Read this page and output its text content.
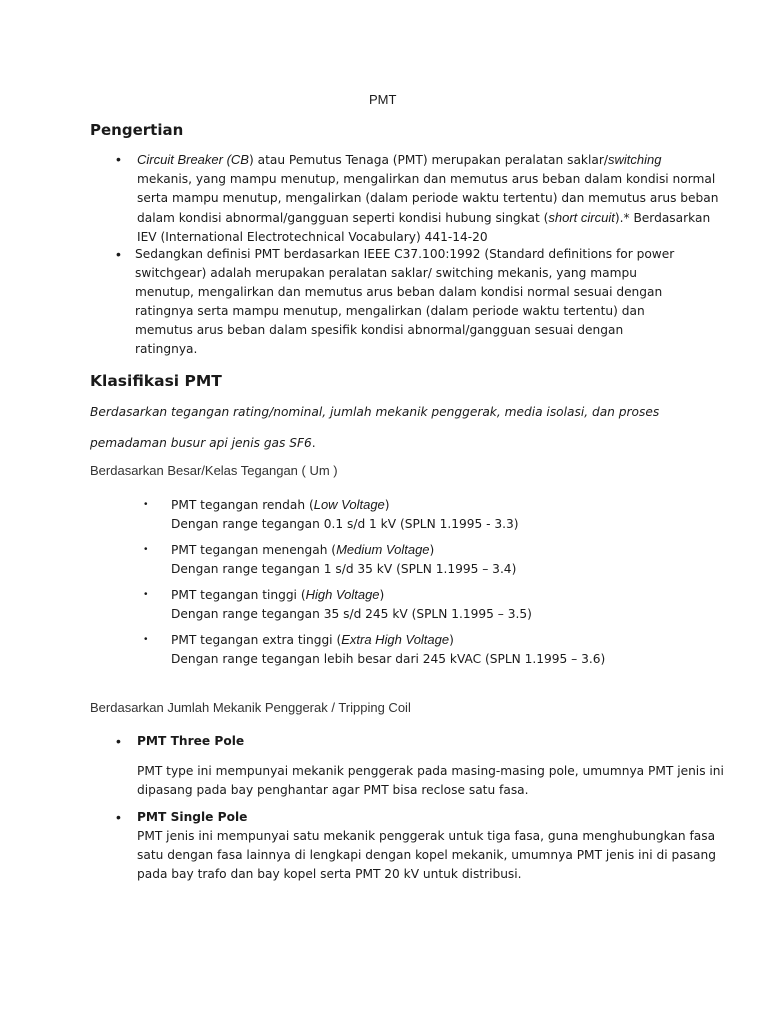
PMT
Pengertian
• Circuit Breaker (CB) atau Pemutus Tenaga (PMT) merupakan peralatan saklar/switching
mekanis, yang mampu menutup, mengalirkan dan memutus arus beban dalam kondisi normal
serta mampu menutup, mengalirkan (dalam periode waktu tertentu) dan memutus arus beban
dalam kondisi abnormal/gangguan seperti kondisi hubung singkat (short circuit).* Berdasarkan
IEV (International Electrotechnical Vocabulary) 441-14-20
• Sedangkan definisi PMT berdasarkan IEEE C37.100:1992 (Standard definitions for power
switchgear) adalah merupakan peralatan saklar/ switching mekanis, yang mampu
menutup, mengalirkan dan memutus arus beban dalam kondisi normal sesuai dengan
ratingnya serta mampu menutup, mengalirkan (dalam periode waktu tertentu) dan
memutus arus beban dalam spesifik kondisi abnormal/gangguan sesuai dengan
ratingnya.
Klasifikasi PMT
Berdasarkan tegangan rating/nominal, jumlah mekanik penggerak, media isolasi, dan proses
pemadaman busur api jenis gas SF6.
Berdasarkan Besar/Kelas Tegangan ( Um )
• PMT tegangan rendah (Low Voltage)
Dengan range tegangan 0.1 s/d 1 kV (SPLN 1.1995 - 3.3)
• PMT tegangan menengah (Medium Voltage)
Dengan range tegangan 1 s/d 35 kV (SPLN 1.1995 – 3.4)
• PMT tegangan tinggi (High Voltage)
Dengan range tegangan 35 s/d 245 kV (SPLN 1.1995 – 3.5)
• PMT tegangan extra tinggi (Extra High Voltage)
Dengan range tegangan lebih besar dari 245 kVAC (SPLN 1.1995 – 3.6)
Berdasarkan Jumlah Mekanik Penggerak / Tripping Coil
• PMT Three Pole
PMT type ini mempunyai mekanik penggerak pada masing-masing pole, umumnya PMT jenis ini
dipasang pada bay penghantar agar PMT bisa reclose satu fasa.
• PMT Single Pole
PMT jenis ini mempunyai satu mekanik penggerak untuk tiga fasa, guna menghubungkan fasa
satu dengan fasa lainnya di lengkapi dengan kopel mekanik, umumnya PMT jenis ini di pasang
pada bay trafo dan bay kopel serta PMT 20 kV untuk distribusi.
